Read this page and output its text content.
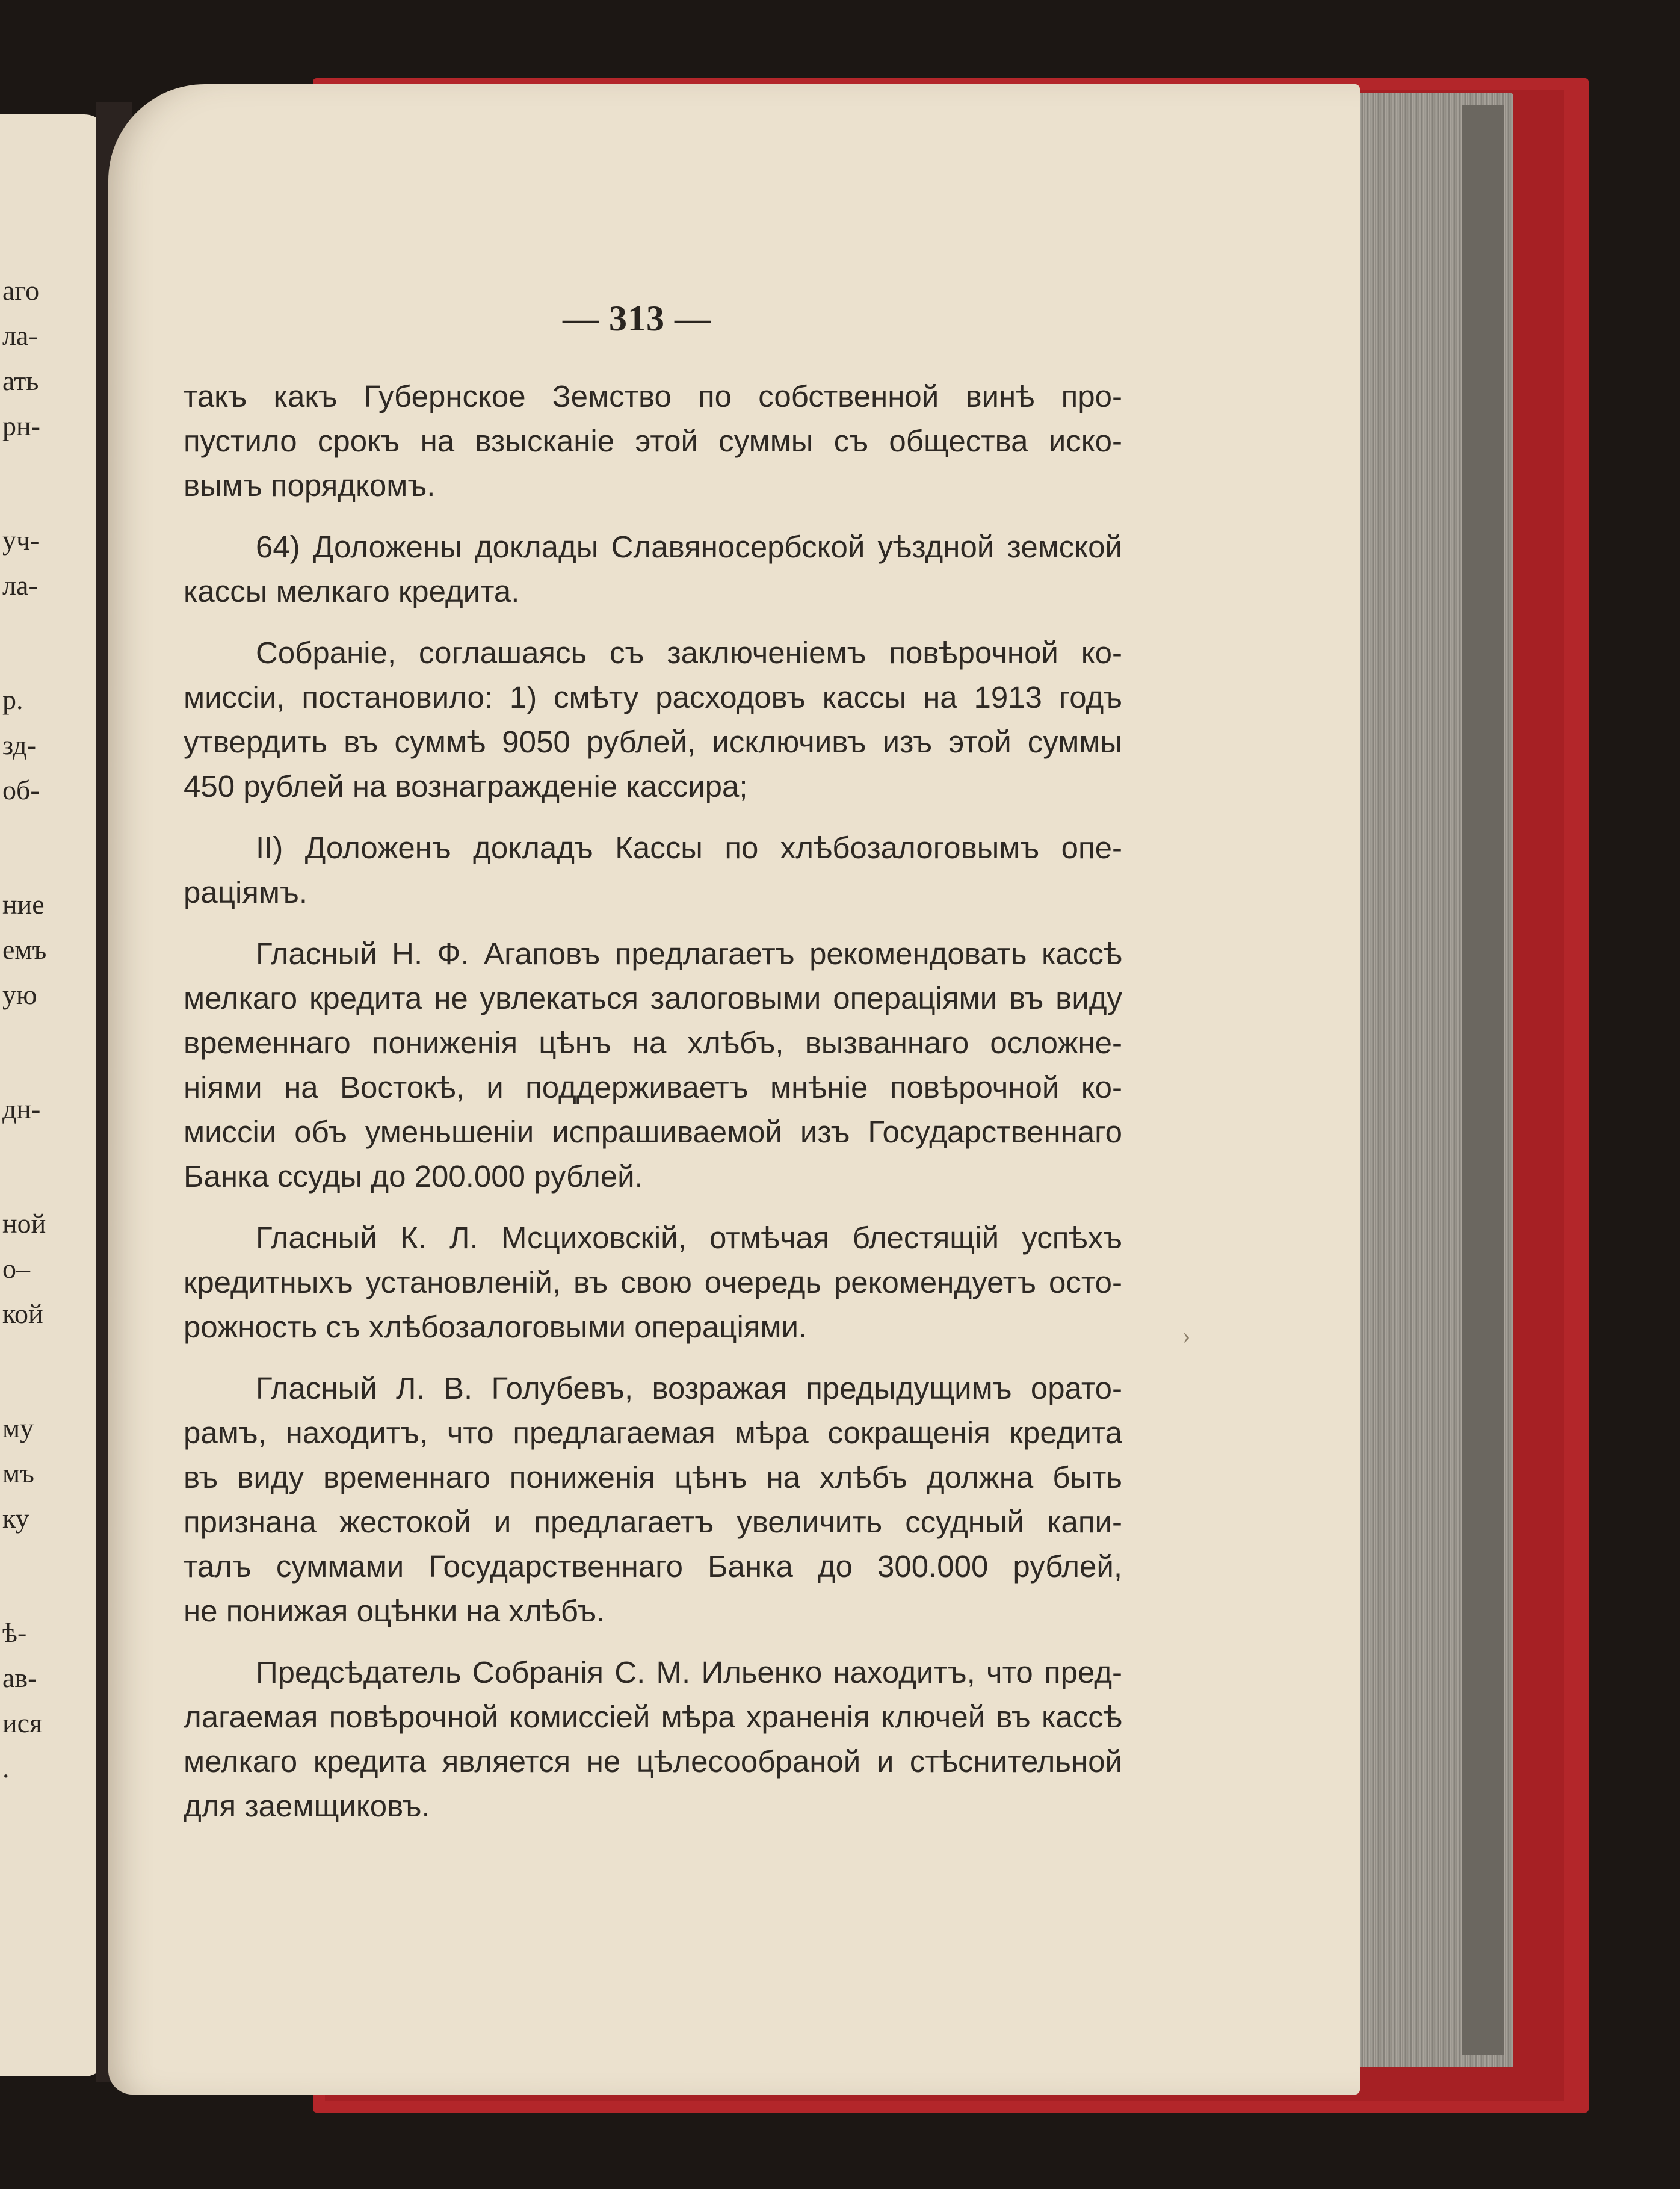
аго
ла-
ать
рн-
уч-
ла-
р.
зд-
об-
ние
емъ
ую
дн-
ной
о–
кой
му
мъ
ку
ѣ-
ав-
ися
.
— 313 —
такъ какъ Губернское Земство по собственной винѣ про-
пустило срокъ на взысканіе этой суммы съ общества иско-
вымъ порядкомъ.
64) Доложены доклады Славяносербской уѣздной земской
кассы мелкаго кредита.
Собраніе, соглашаясь съ заключеніемъ повѣрочной ко-
миссіи, постановило: 1) смѣту расходовъ кассы на 1913 годъ
утвердить въ суммѣ 9050 рублей, исключивъ изъ этой суммы
450 рублей на вознагражденіе кассира;
II) Доложенъ докладъ Кассы по хлѣбозалоговымъ опе-
раціямъ.
Гласный Н. Ф. Агаповъ предлагаетъ рекомендовать кассѣ
мелкаго кредита не увлекаться залоговыми операціями въ виду
временнаго пониженія цѣнъ на хлѣбъ, вызваннаго осложне-
ніями на Востокѣ, и поддерживаетъ мнѣніе повѣрочной ко-
миссіи объ уменьшеніи испрашиваемой изъ Государственнаго
Банка ссуды до 200.000 рублей.
Гласный К. Л. Мсциховскій, отмѣчая блестящій успѣхъ
кредитныхъ установленій, въ свою очередь рекомендуетъ осто-
рожность съ хлѣбозалоговыми операціями.
Гласный Л. В. Голубевъ, возражая предыдущимъ орато-
рамъ, находитъ, что предлагаемая мѣра сокращенія кредита
въ виду временнаго пониженія цѣнъ на хлѣбъ должна быть
признана жестокой и предлагаетъ увеличить ссудный капи-
талъ суммами Государственнаго Банка до 300.000 рублей,
не понижая оцѣнки на хлѣбъ.
Предсѣдатель Собранія С. М. Ильенко находитъ, что пред-
лагаемая повѣрочной комиссіей мѣра храненія ключей въ кассѣ
мелкаго кредита является не цѣлесообраной и стѣснительной
для заемщиковъ.
›
